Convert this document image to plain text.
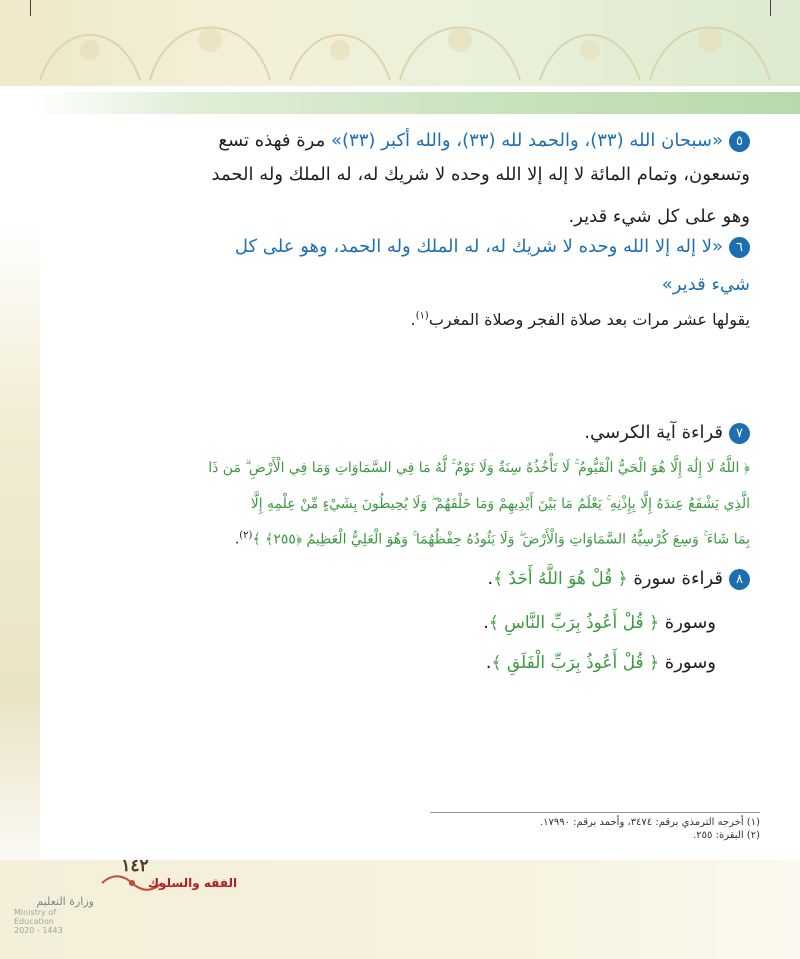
٥«سبحان الله (٣٣)، والحمد لله (٣٣)، والله أكبر (٣٣)» مرة فهذه تسع
وتسعون، وتمام المائة لا إله إلا الله وحده لا شريك له، له الملك وله الحمد
وهو على كل شيء قدير.
٦«لا إله إلا الله وحده لا شريك له، له الملك وله الحمد، وهو على كل
شيء قدير»
يقولها عشر مرات بعد صلاة الفجر وصلاة المغرب$^{(١)}$.
٧قراءة آية الكرسي.
﴿ اللَّهُ لَا إِلَٰهَ إِلَّا هُوَ الْحَيُّ الْقَيُّومُ ۚ لَا تَأْخُذُهُ سِنَةٌ وَلَا نَوْمٌ ۚ لَّهُ مَا فِي السَّمَاوَاتِ وَمَا فِي الْأَرْضِ ۗ مَن ذَا
الَّذِي يَشْفَعُ عِندَهُ إِلَّا بِإِذْنِهِ ۚ يَعْلَمُ مَا بَيْنَ أَيْدِيهِمْ وَمَا خَلْفَهُمْ ۖ وَلَا يُحِيطُونَ بِشَيْءٍ مِّنْ عِلْمِهِ إِلَّا
بِمَا شَاءَ ۚ وَسِعَ كُرْسِيُّهُ السَّمَاوَاتِ وَالْأَرْضَ ۖ وَلَا يَئُودُهُ حِفْظُهُمَا ۚ وَهُوَ الْعَلِيُّ الْعَظِيمُ ﴿٢٥٥﴾ ﴾$^{(٢)}$.
٨قراءة سورة ﴿ قُلْ هُوَ اللَّهُ أَحَدٌ ﴾.
وسورة ﴿ قُلْ أَعُوذُ بِرَبِّ النَّاسِ ﴾.
وسورة ﴿ قُلْ أَعُوذُ بِرَبِّ الْفَلَقِ ﴾.
(١) أخرجه الترمذي برقم: ٣٤٧٤، وأحمد برقم: ١٧٩٩٠.
(٢) البقرة: ٢٥٥.
١٤٢
الفقه والسلوك
وزارة التعليم
Ministry of Education
2020 - 1443
